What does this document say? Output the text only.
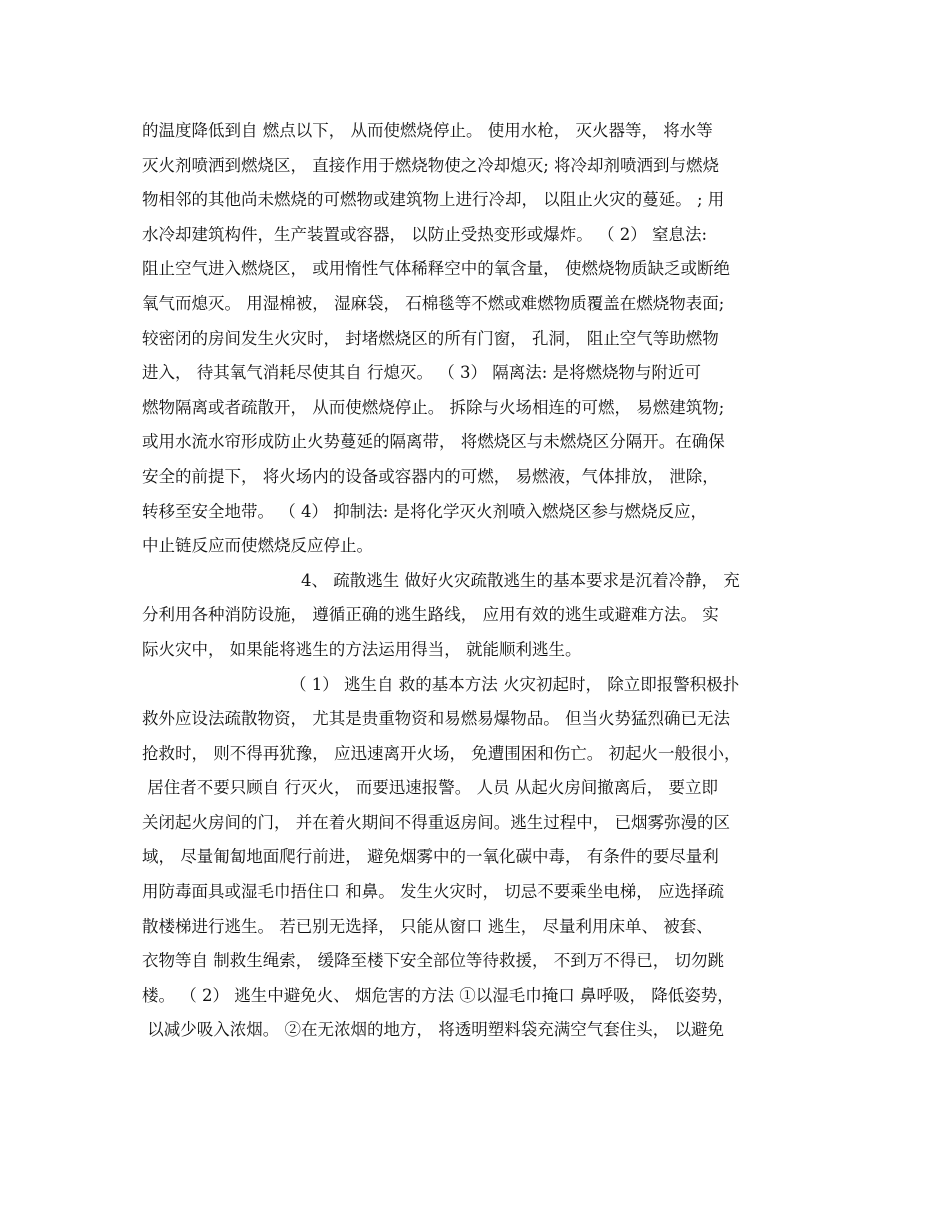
的温度降低到自 燃点以下， 从而使燃烧停止。 使用水枪， 灭火器等， 将水等
灭火剂喷洒到燃烧区， 直接作用于燃烧物使之冷却熄灭; 将冷却剂喷洒到与燃烧
物相邻的其他尚未燃烧的可燃物或建筑物上进行冷却， 以阻止火灾的蔓延。 ; 用
水冷却建筑构件，生产装置或容器， 以防止受热变形或爆炸。 （ 2） 窒息法:
阻止空气进入燃烧区， 或用惰性气体稀释空中的氧含量， 使燃烧物质缺乏或断绝
氧气而熄灭。 用湿棉被， 湿麻袋， 石棉毯等不燃或难燃物质覆盖在燃烧物表面;
较密闭的房间发生火灾时， 封堵燃烧区的所有门窗， 孔洞， 阻止空气等助燃物
进入， 待其氧气消耗尽使其自 行熄灭。 （ 3） 隔离法: 是将燃烧物与附近可
燃物隔离或者疏散开， 从而使燃烧停止。 拆除与火场相连的可燃， 易燃建筑物;
或用水流水帘形成防止火势蔓延的隔离带， 将燃烧区与未燃烧区分隔开。在确保
安全的前提下， 将火场内的设备或容器内的可燃， 易燃液，气体排放， 泄除，
转移至安全地带。 （ 4） 抑制法: 是将化学灭火剂喷入燃烧区参与燃烧反应，
中止链反应而使燃烧反应停止。
4、 疏散逃生 做好火灾疏散逃生的基本要求是沉着冷静， 充
分利用各种消防设施， 遵循正确的逃生路线， 应用有效的逃生或避难方法。 实
际火灾中， 如果能将逃生的方法运用得当， 就能顺利逃生。
（ 1） 逃生自 救的基本方法 火灾初起时， 除立即报警积极扑
救外应设法疏散物资， 尤其是贵重物资和易燃易爆物品。 但当火势猛烈确已无法
抢救时， 则不得再犹豫， 应迅速离开火场， 免遭围困和伤亡。 初起火一般很小，
居住者不要只顾自 行灭火， 而要迅速报警。 人员 从起火房间撤离后， 要立即
关闭起火房间的门， 并在着火期间不得重返房间。逃生过程中， 已烟雾弥漫的区
域， 尽量匍匐地面爬行前进， 避免烟雾中的一氧化碳中毒， 有条件的要尽量利
用防毒面具或湿毛巾捂住口 和鼻。 发生火灾时， 切忌不要乘坐电梯， 应选择疏
散楼梯进行逃生。 若已别无选择， 只能从窗口 逃生， 尽量利用床单、 被套、
衣物等自 制救生绳索， 缓降至楼下安全部位等待救援， 不到万不得已， 切勿跳
楼。 （ 2） 逃生中避免火、 烟危害的方法 ①以湿毛巾掩口 鼻呼吸， 降低姿势，
以减少吸入浓烟。 ②在无浓烟的地方， 将透明塑料袋充满空气套住头， 以避免
